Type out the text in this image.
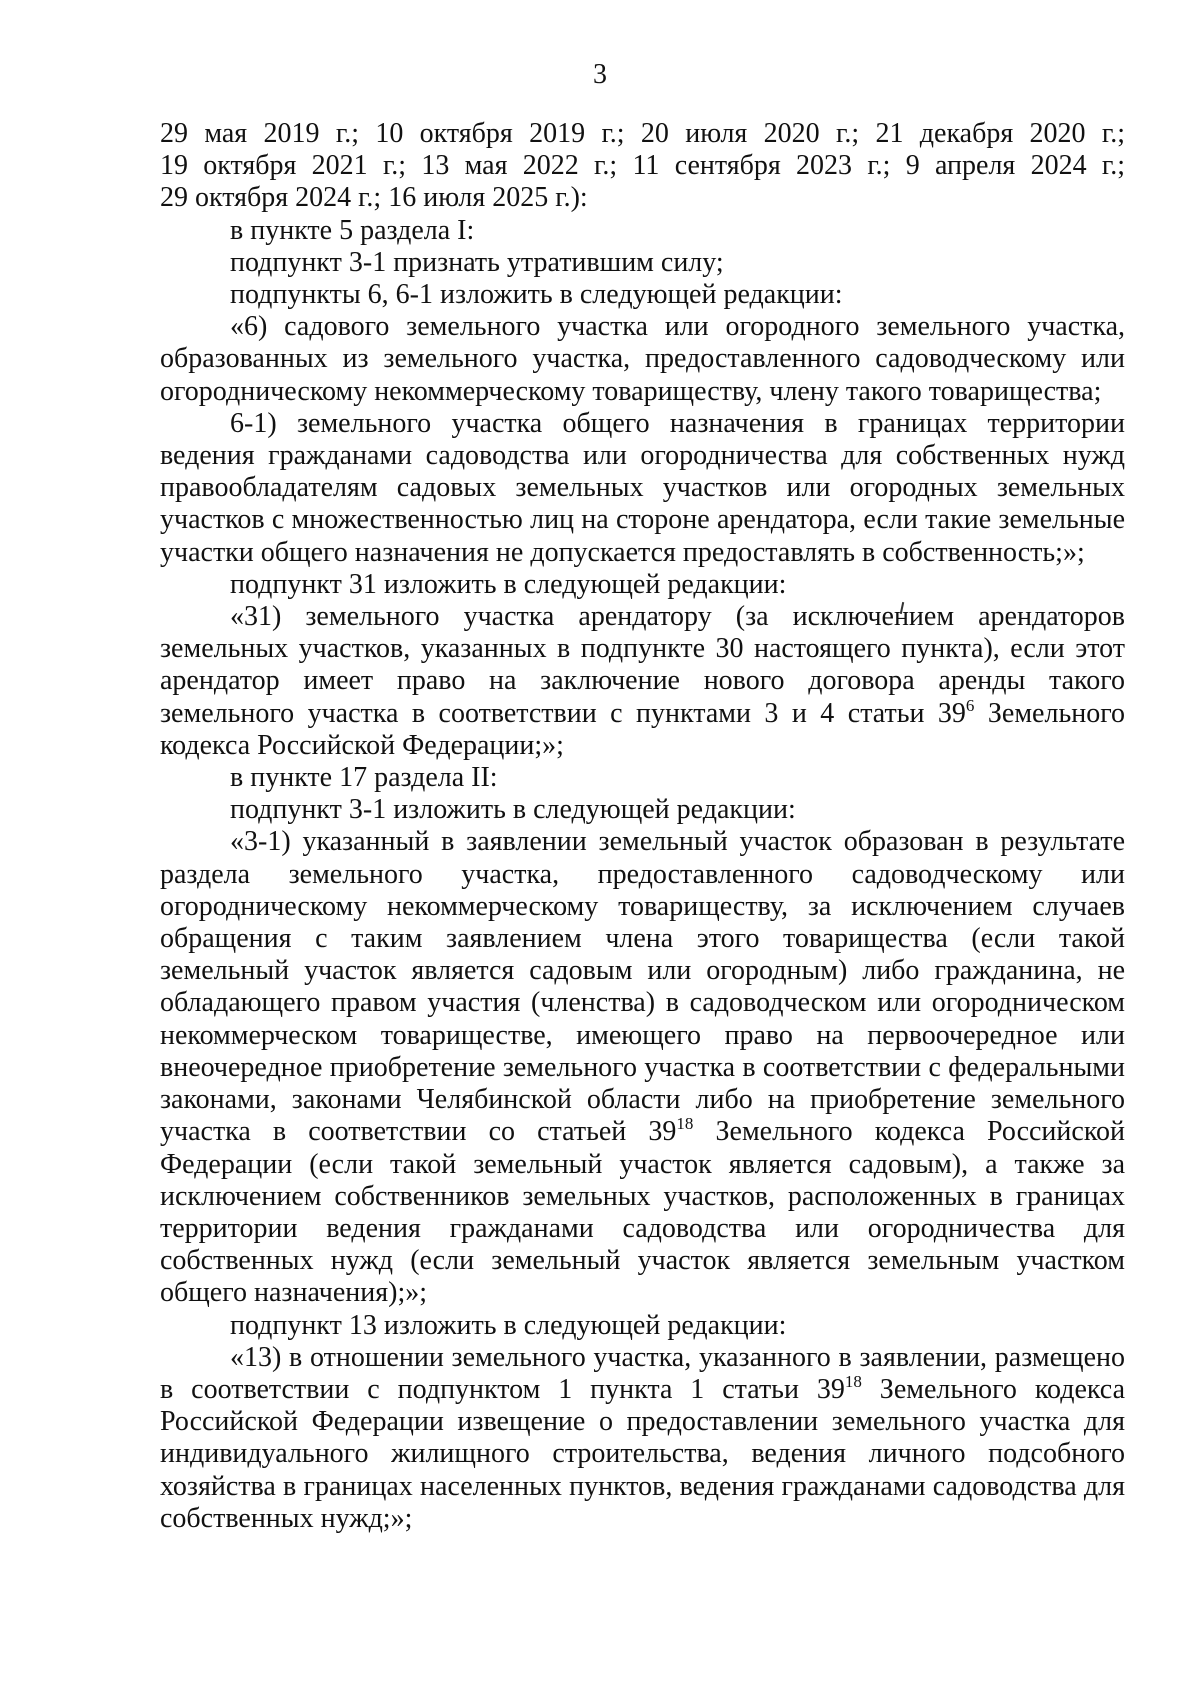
3
29 мая 2019 г.; 10 октября 2019 г.; 20 июля 2020 г.; 21 декабря 2020 г.;
19 октября 2021 г.; 13 мая 2022 г.; 11 сентября 2023 г.; 9 апреля 2024 г.;
29 октября 2024 г.; 16 июля 2025 г.):

в пункте 5 раздела I:

подпункт 3-1 признать утратившим силу;

подпункты 6, 6-1 изложить в следующей редакции:

«6) садового земельного участка или огородного земельного участка, образованных из земельного участка, предоставленного садоводческому или огородническому некоммерческому товариществу, члену такого товарищества;

6-1) земельного участка общего назначения в границах территории ведения гражданами садоводства или огородничества для собственных нужд правообладателям садовых земельных участков или огородных земельных участков с множественностью лиц на стороне арендатора, если такие земельные участки общего назначения не допускается предоставлять в собственность;»;

подпункт 31 изложить в следующей редакции:

«31) земельного участка арендатору (за исключением арендаторов земельных участков, указанных в подпункте 30 настоящего пункта), если этот арендатор имеет право на заключение нового договора аренды такого земельного участка в соответствии с пунктами 3 и 4 статьи $39^6$ Земельного кодекса Российской Федерации;»;

в пункте 17 раздела II:

подпункт 3-1 изложить в следующей редакции:

«3-1) указанный в заявлении земельный участок образован в результате раздела земельного участка, предоставленного садоводческому или огородническому некоммерческому товариществу, за исключением случаев обращения с таким заявлением члена этого товарищества (если такой земельный участок является садовым или огородным) либо гражданина, не обладающего правом участия (членства) в садоводческом или огородническом некоммерческом товариществе, имеющего право на первоочередное или внеочередное приобретение земельного участка в соответствии с федеральными законами, законами Челябинской области либо на приобретение земельного участка в соответствии со статьей $39^{18}$ Земельного кодекса Российской Федерации (если такой земельный участок является садовым), а также за исключением собственников земельных участков, расположенных в границах территории ведения гражданами садоводства или огородничества для собственных нужд (если земельный участок является земельным участком общего назначения);»;

подпункт 13 изложить в следующей редакции:

«13) в отношении земельного участка, указанного в заявлении, размещено в соответствии с подпунктом 1 пункта 1 статьи $39^{18}$ Земельного кодекса Российской Федерации извещение о предоставлении земельного участка для индивидуального жилищного строительства, ведения личного подсобного хозяйства в границах населенных пунктов, ведения гражданами садоводства для собственных нужд;»;
